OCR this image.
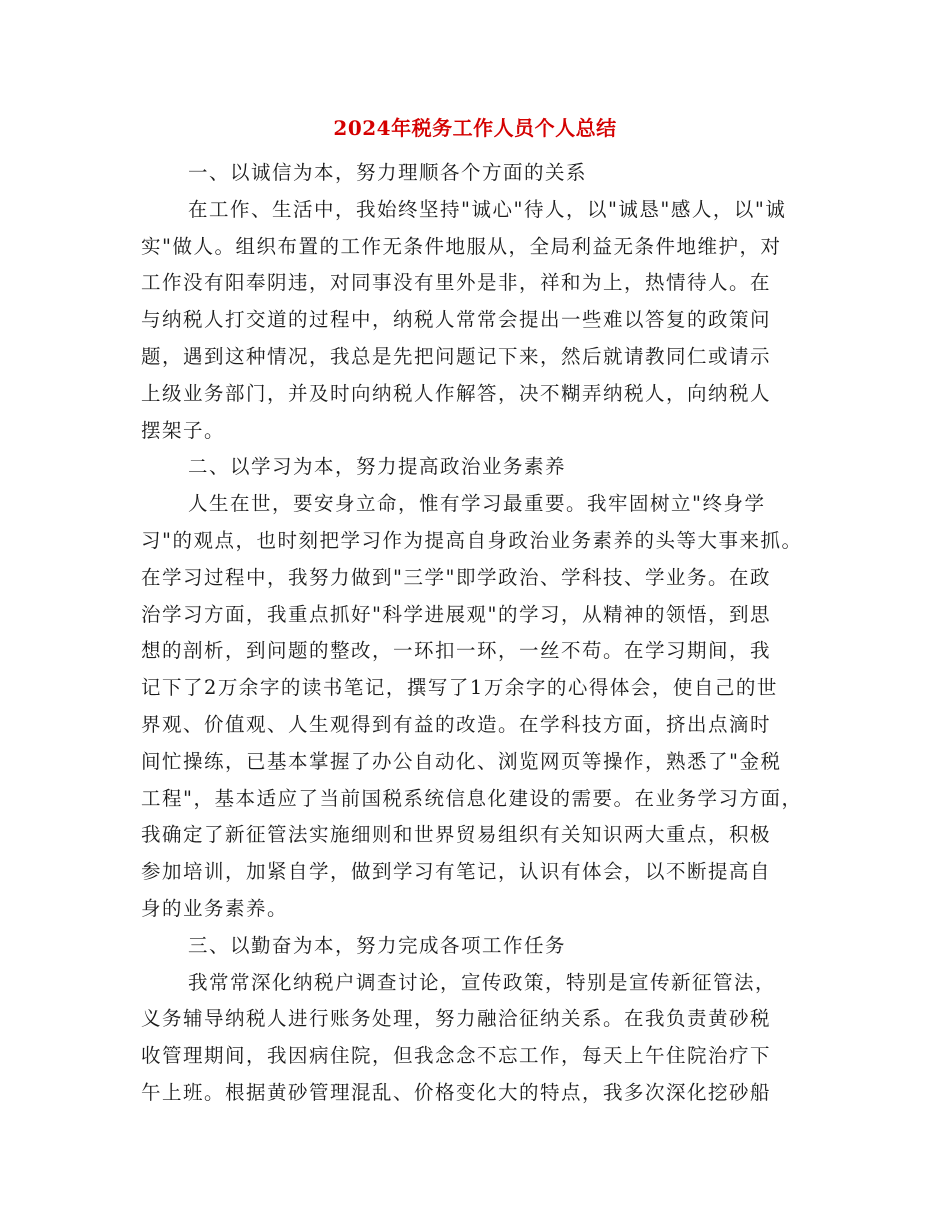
2024年税务工作人员个人总结
一、以诚信为本，努力理顺各个方面的关系
在工作、生活中，我始终坚持"诚心"待人，以"诚恳"感人，以"诚
实"做人。组织布置的工作无条件地服从，全局利益无条件地维护，对
工作没有阳奉阴违，对同事没有里外是非，祥和为上，热情待人。在
与纳税人打交道的过程中，纳税人常常会提出一些难以答复的政策问
题，遇到这种情况，我总是先把问题记下来，然后就请教同仁或请示
上级业务部门，并及时向纳税人作解答，决不糊弄纳税人，向纳税人
摆架子。
二、以学习为本，努力提高政治业务素养
人生在世，要安身立命，惟有学习最重要。我牢固树立"终身学
习"的观点，也时刻把学习作为提高自身政治业务素养的头等大事来抓。
在学习过程中，我努力做到"三学"即学政治、学科技、学业务。在政
治学习方面，我重点抓好"科学进展观"的学习，从精神的领悟，到思
想的剖析，到问题的整改，一环扣一环，一丝不苟。在学习期间，我
记下了2万余字的读书笔记，撰写了1万余字的心得体会，使自己的世
界观、价值观、人生观得到有益的改造。在学科技方面，挤出点滴时
间忙操练，已基本掌握了办公自动化、浏览网页等操作，熟悉了"金税
工程"，基本适应了当前国税系统信息化建设的需要。在业务学习方面，
我确定了新征管法实施细则和世界贸易组织有关知识两大重点，积极
参加培训，加紧自学，做到学习有笔记，认识有体会，以不断提高自
身的业务素养。
三、以勤奋为本，努力完成各项工作任务
我常常深化纳税户调查讨论，宣传政策，特别是宣传新征管法，
义务辅导纳税人进行账务处理，努力融洽征纳关系。在我负责黄砂税
收管理期间，我因病住院，但我念念不忘工作，每天上午住院治疗下
午上班。根据黄砂管理混乱、价格变化大的特点，我多次深化挖砂船
